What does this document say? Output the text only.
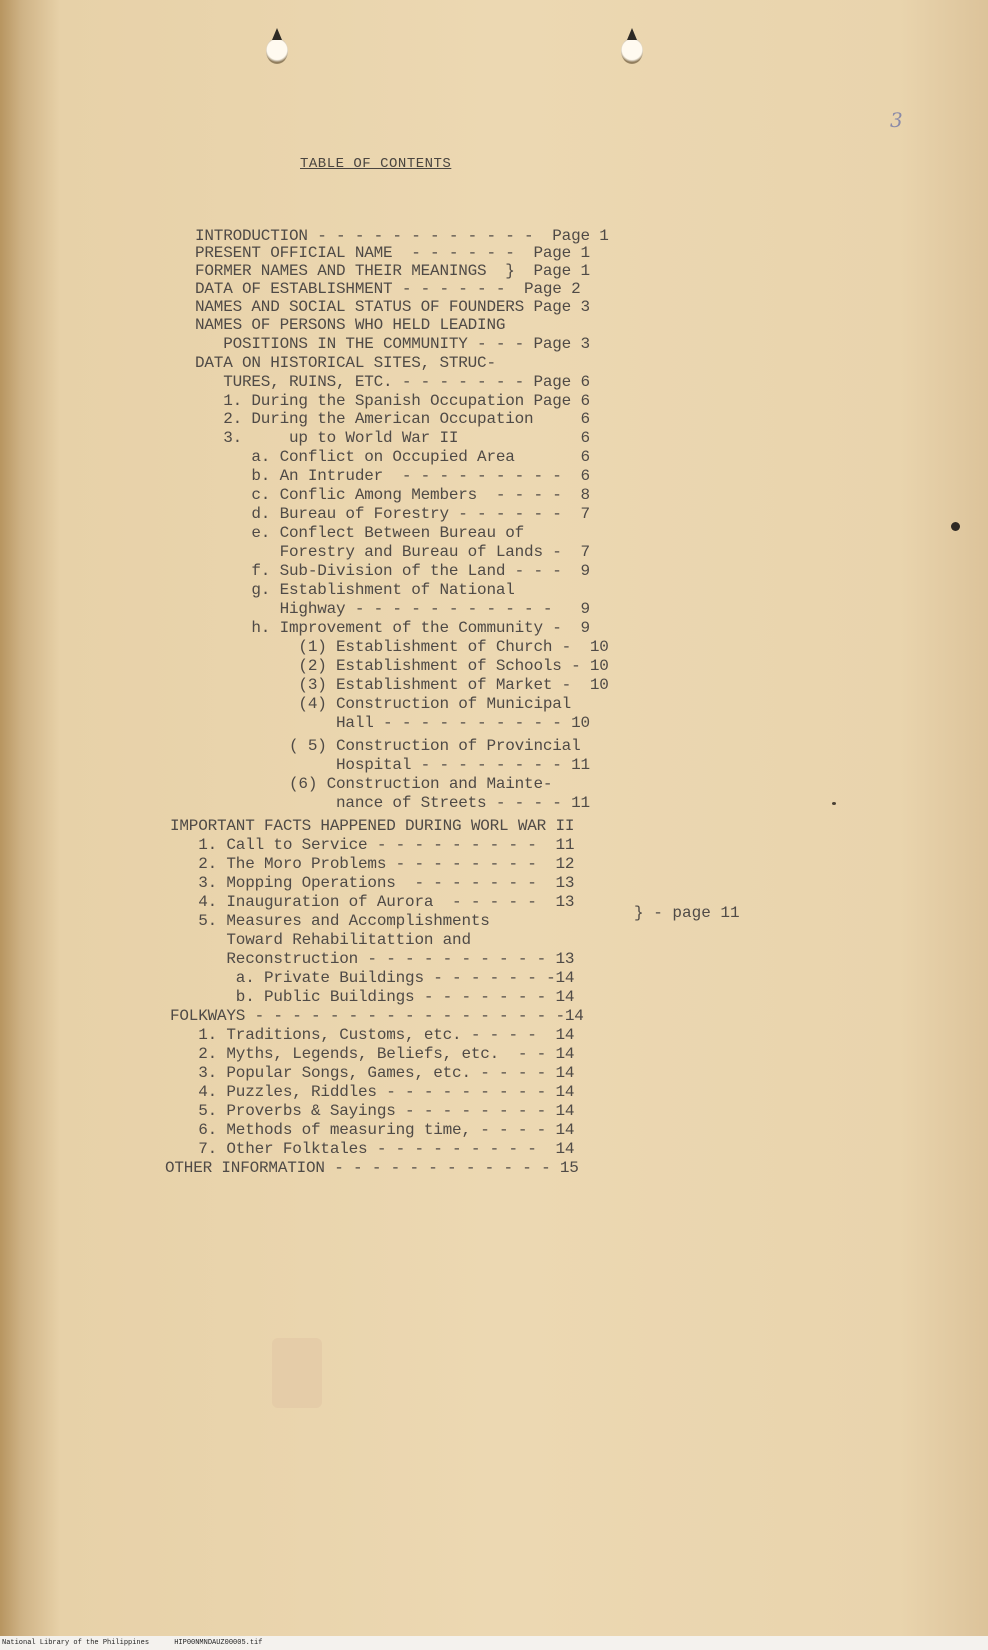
3
TABLE OF CONTENTS
INTRODUCTION - - - - - - - - - - - -  Page 1
PRESENT OFFICIAL NAME  - - - - - -  Page 1
FORMER NAMES AND THEIR MEANINGS  }  Page 1
DATA OF ESTABLISHMENT - - - - - -  Page 2
NAMES AND SOCIAL STATUS OF FOUNDERS Page 3
NAMES OF PERSONS WHO HELD LEADING
POSITIONS IN THE COMMUNITY - - - Page 3
DATA ON HISTORICAL SITES, STRUC-
TURES, RUINS, ETC. - - - - - - - Page 6
1. During the Spanish Occupation Page 6
2. During the American Occupation     6
3.     up to World War II             6
a. Conflict on Occupied Area       6
b. An Intruder  - - - - - - - - -  6
c. Conflic Among Members  - - - -  8
d. Bureau of Forestry - - - - - -  7
e. Conflect Between Bureau of
Forestry and Bureau of Lands -  7
f. Sub-Division of the Land - - -  9
g. Establishment of National
Highway - - - - - - - - - - -   9
h. Improvement of the Community -  9
(1) Establishment of Church -  10
(2) Establishment of Schools - 10
(3) Establishment of Market -  10
(4) Construction of Municipal
Hall - - - - - - - - - - 10
( 5) Construction of Provincial
Hospital - - - - - - - - 11
(6) Construction and Mainte-
nance of Streets - - - - 11
IMPORTANT FACTS HAPPENED DURING WORL WAR II
1. Call to Service - - - - - - - - -  11
2. The Moro Problems - - - - - - - -  12
3. Mopping Operations  - - - - - - -  13
4. Inauguration of Aurora  - - - - -  13
5. Measures and Accomplishments
Toward Rehabilitattion and
Reconstruction - - - - - - - - - - 13
a. Private Buildings - - - - - - -14
b. Public Buildings - - - - - - - 14
FOLKWAYS - - - - - - - - - - - - - - - - -14
1. Traditions, Customs, etc. - - - -  14
2. Myths, Legends, Beliefs, etc.  - - 14
3. Popular Songs, Games, etc. - - - - 14
4. Puzzles, Riddles - - - - - - - - - 14
5. Proverbs & Sayings - - - - - - - - 14
6. Methods of measuring time, - - - - 14
7. Other Folktales - - - - - - - - -  14
OTHER INFORMATION - - - - - - - - - - - - 15
} - page 11
National Library of the Philippines      HIP00NMNDAUZ00005.tif
